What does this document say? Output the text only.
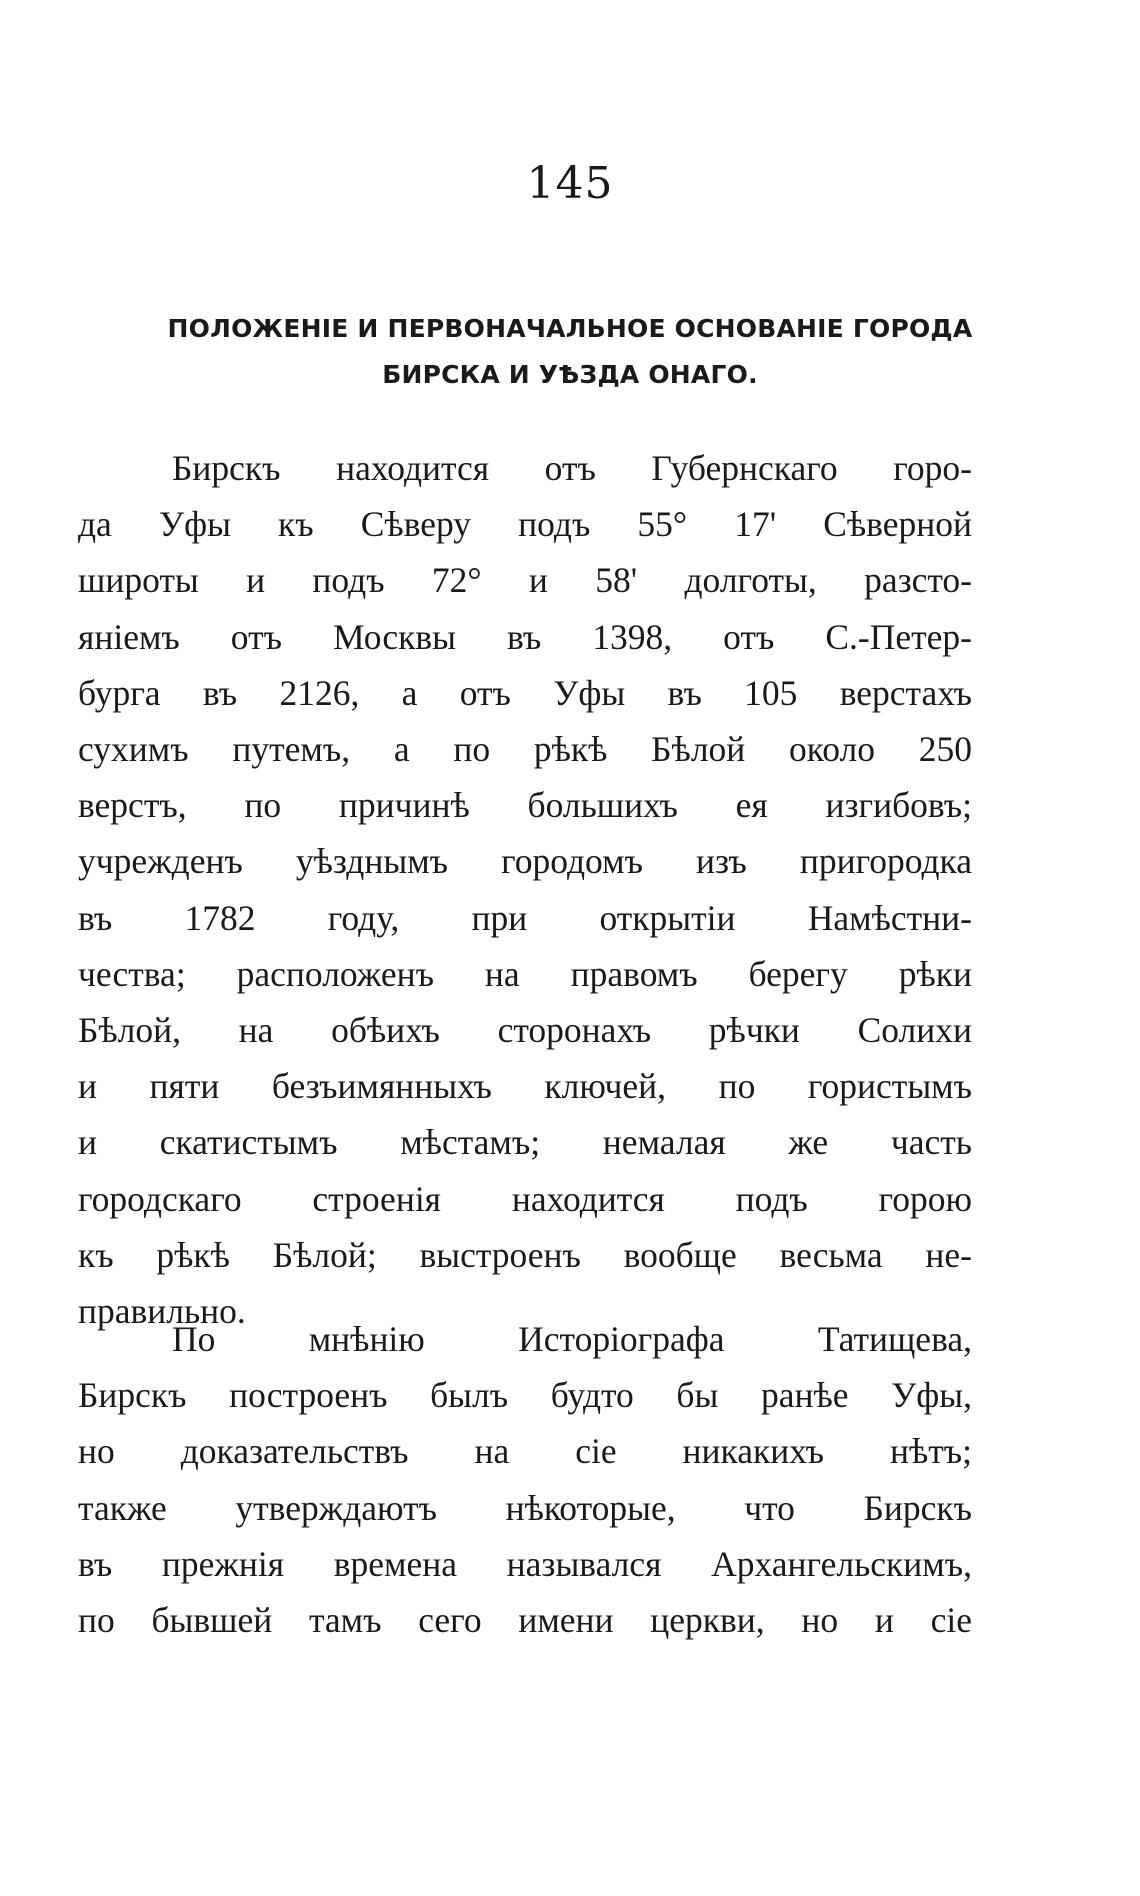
145
ПОЛОЖЕНІЕ И ПЕРВОНАЧАЛЬНОЕ ОСНОВАНІЕ ГОРОДА
БИРСКА И УѢЗДА ОНАГО.
Бирскъ находится отъ Губернскаго горо-
да Уфы къ Сѣверу подъ 55° 17' Сѣверной
широты и подъ 72° и 58' долготы, разсто-
яніемъ отъ Москвы въ 1398, отъ С.-Петер-
бурга въ 2126, а отъ Уфы въ 105 верстахъ
сухимъ путемъ, а по рѣкѣ Бѣлой около 250
верстъ, по причинѣ большихъ ея изгибовъ;
учрежденъ уѣзднымъ городомъ изъ пригородка
въ 1782 году, при открытіи Намѣстни-
чества; расположенъ на правомъ берегу рѣки
Бѣлой, на обѣихъ сторонахъ рѣчки Солихи
и пяти безъимянныхъ ключей, по гористымъ
и скатистымъ мѣстамъ; немалая же часть
городскаго строенія находится подъ горою
къ рѣкѣ Бѣлой; выстроенъ вообще весьма не-
правильно.
По мнѣнію Исторіографа Татищева,
Бирскъ построенъ былъ будто бы ранѣе Уфы,
но доказательствъ на сіе никакихъ нѣтъ;
также утверждаютъ нѣкоторые, что Бирскъ
въ прежнія времена назывался Архангельскимъ,
по бывшей тамъ сего имени церкви, но и сіе
